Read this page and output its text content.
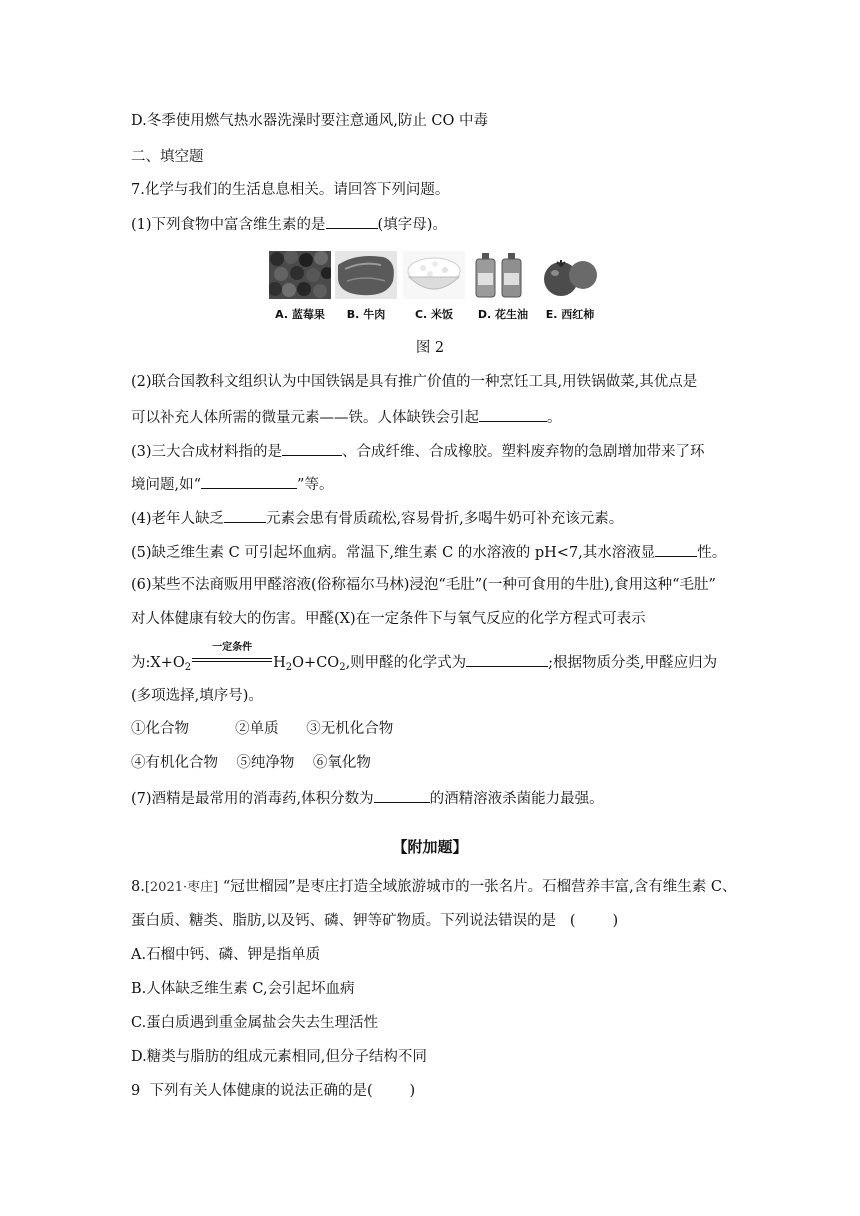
D.冬季使用燃气热水器洗澡时要注意通风,防止 CO 中毒
二、填空题
7.化学与我们的生活息息相关。请回答下列问题。
(1)下列食物中富含维生素的是	(填字母)。
A. 蓝莓果	B. 牛肉	C. 米饭	D. 花生油	E. 西红柿
图 2
(2)联合国教科文组织认为中国铁锅是具有推广价值的一种烹饪工具,用铁锅做菜,其优点是
可以补充人体所需的微量元素——铁。人体缺铁会引起	。
(3)三大合成材料指的是	、合成纤维、合成橡胶。塑料废弃物的急剧增加带来了环
境问题,如“	”等。
(4)老年人缺乏	元素会患有骨质疏松,容易骨折,多喝牛奶可补充该元素。
(5)缺乏维生素 C 可引起坏血病。常温下,维生素 C 的水溶液的 pH<7,其水溶液显	性。
(6)某些不法商贩用甲醛溶液(俗称福尔马林)浸泡“毛肚”(一种可食用的牛肚),食用这种“毛肚”
对人体健康有较大的伤害。甲醛(X)在一定条件下与氧气反应的化学方程式可表示
为$:X+O_2$
一定条件
$H_2O+CO_2$,则甲醛的化学式为	;根据物质分类,甲醛应归为
(多项选择,填序号)。
①化合物          ②单质      ③无机化合物
④有机化合物    ⑤纯净物    ⑥氧化物
(7)酒精是最常用的消毒药,体积分数为	的酒精溶液杀菌能力最强。
【附加题】
8.[2021·枣庄] “冠世榴园”是枣庄打造全域旅游城市的一张名片。石榴营养丰富,含有维生素 C、
蛋白质、糖类、脂肪,以及钙、磷、钾等矿物质。下列说法错误的是   (        )
A.石榴中钙、磷、钾是指单质
B.人体缺乏维生素 C,会引起坏血病
C.蛋白质遇到重金属盐会失去生理活性
D.糖类与脂肪的组成元素相同,但分子结构不同
9  下列有关人体健康的说法正确的是(        )
